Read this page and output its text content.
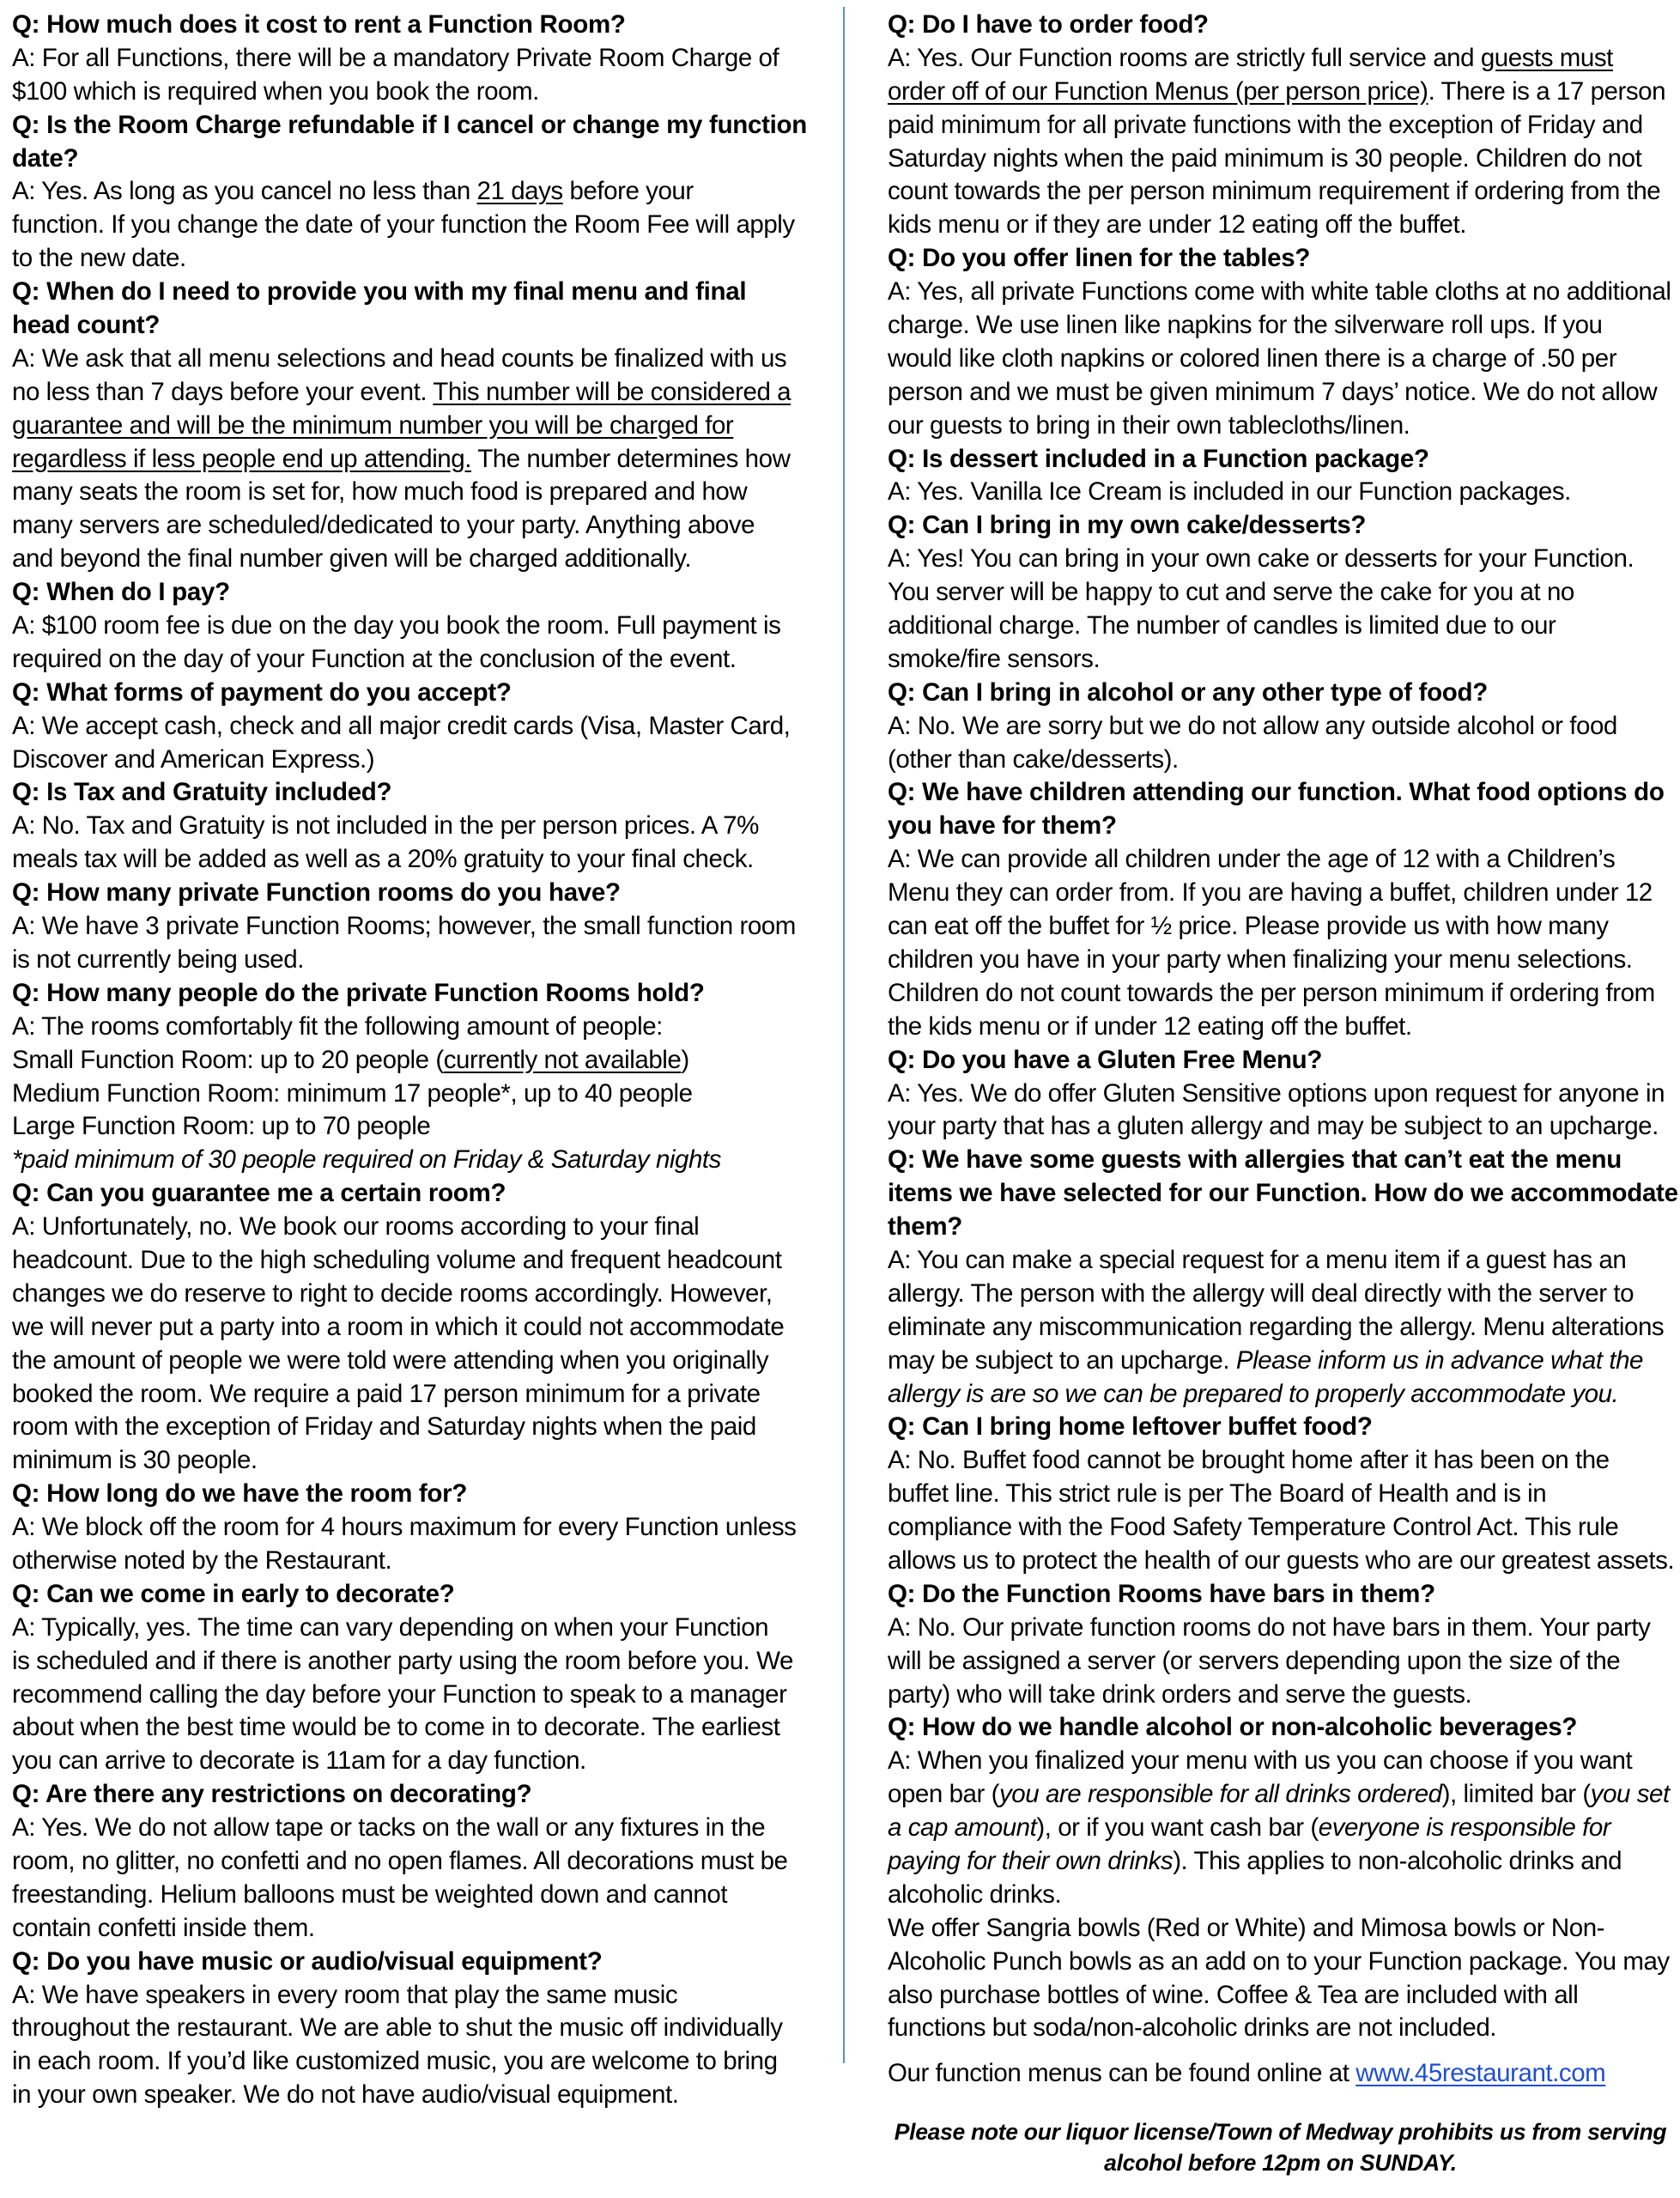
Q: How much does it cost to rent a Function Room?
A: For all Functions, there will be a mandatory Private Room Charge of
$100 which is required when you book the room.
Q: Is the Room Charge refundable if I cancel or change my function
date?
A: Yes. As long as you cancel no less than 21 days before your
function. If you change the date of your function the Room Fee will apply
to the new date.
Q: When do I need to provide you with my final menu and final
head count?
A: We ask that all menu selections and head counts be finalized with us
no less than 7 days before your event. This number will be considered a
guarantee and will be the minimum number you will be charged for
regardless if less people end up attending. The number determines how
many seats the room is set for, how much food is prepared and how
many servers are scheduled/dedicated to your party. Anything above
and beyond the final number given will be charged additionally.
Q: When do I pay?
A: $100 room fee is due on the day you book the room. Full payment is
required on the day of your Function at the conclusion of the event.
Q: What forms of payment do you accept?
A: We accept cash, check and all major credit cards (Visa, Master Card,
Discover and American Express.)
Q: Is Tax and Gratuity included?
A: No. Tax and Gratuity is not included in the per person prices. A 7%
meals tax will be added as well as a 20% gratuity to your final check.
Q: How many private Function rooms do you have?
A: We have 3 private Function Rooms; however, the small function room
is not currently being used.
Q: How many people do the private Function Rooms hold?
A: The rooms comfortably fit the following amount of people:
Small Function Room: up to 20 people (currently not available)
Medium Function Room: minimum 17 people*, up to 40 people
Large Function Room: up to 70 people
*paid minimum of 30 people required on Friday & Saturday nights
Q: Can you guarantee me a certain room?
A: Unfortunately, no. We book our rooms according to your final
headcount. Due to the high scheduling volume and frequent headcount
changes we do reserve to right to decide rooms accordingly. However,
we will never put a party into a room in which it could not accommodate
the amount of people we were told were attending when you originally
booked the room. We require a paid 17 person minimum for a private
room with the exception of Friday and Saturday nights when the paid
minimum is 30 people.
Q: How long do we have the room for?
A: We block off the room for 4 hours maximum for every Function unless
otherwise noted by the Restaurant.
Q: Can we come in early to decorate?
A: Typically, yes. The time can vary depending on when your Function
is scheduled and if there is another party using the room before you. We
recommend calling the day before your Function to speak to a manager
about when the best time would be to come in to decorate. The earliest
you can arrive to decorate is 11am for a day function.
Q: Are there any restrictions on decorating?
A: Yes. We do not allow tape or tacks on the wall or any fixtures in the
room, no glitter, no confetti and no open flames. All decorations must be
freestanding. Helium balloons must be weighted down and cannot
contain confetti inside them.
Q: Do you have music or audio/visual equipment?
A: We have speakers in every room that play the same music
throughout the restaurant. We are able to shut the music off individually
in each room. If you’d like customized music, you are welcome to bring
in your own speaker. We do not have audio/visual equipment.
Q: Do I have to order food?
A: Yes. Our Function rooms are strictly full service and guests must
order off of our Function Menus (per person price). There is a 17 person
paid minimum for all private functions with the exception of Friday and
Saturday nights when the paid minimum is 30 people. Children do not
count towards the per person minimum requirement if ordering from the
kids menu or if they are under 12 eating off the buffet.
Q: Do you offer linen for the tables?
A: Yes, all private Functions come with white table cloths at no additional
charge. We use linen like napkins for the silverware roll ups. If you
would like cloth napkins or colored linen there is a charge of .50 per
person and we must be given minimum 7 days’ notice. We do not allow
our guests to bring in their own tablecloths/linen.
Q: Is dessert included in a Function package?
A: Yes. Vanilla Ice Cream is included in our Function packages.
Q: Can I bring in my own cake/desserts?
A: Yes! You can bring in your own cake or desserts for your Function.
You server will be happy to cut and serve the cake for you at no
additional charge. The number of candles is limited due to our
smoke/fire sensors.
Q: Can I bring in alcohol or any other type of food?
A: No. We are sorry but we do not allow any outside alcohol or food
(other than cake/desserts).
Q: We have children attending our function. What food options do
you have for them?
A: We can provide all children under the age of 12 with a Children’s
Menu they can order from. If you are having a buffet, children under 12
can eat off the buffet for ½ price. Please provide us with how many
children you have in your party when finalizing your menu selections.
Children do not count towards the per person minimum if ordering from
the kids menu or if under 12 eating off the buffet.
Q: Do you have a Gluten Free Menu?
A: Yes. We do offer Gluten Sensitive options upon request for anyone in
your party that has a gluten allergy and may be subject to an upcharge.
Q: We have some guests with allergies that can’t eat the menu
items we have selected for our Function. How do we accommodate
them?
A: You can make a special request for a menu item if a guest has an
allergy. The person with the allergy will deal directly with the server to
eliminate any miscommunication regarding the allergy. Menu alterations
may be subject to an upcharge. Please inform us in advance what the
allergy is are so we can be prepared to properly accommodate you.
Q: Can I bring home leftover buffet food?
A: No. Buffet food cannot be brought home after it has been on the
buffet line. This strict rule is per The Board of Health and is in
compliance with the Food Safety Temperature Control Act. This rule
allows us to protect the health of our guests who are our greatest assets.
Q: Do the Function Rooms have bars in them?
A: No. Our private function rooms do not have bars in them. Your party
will be assigned a server (or servers depending upon the size of the
party) who will take drink orders and serve the guests.
Q: How do we handle alcohol or non-alcoholic beverages?
A: When you finalized your menu with us you can choose if you want
open bar (you are responsible for all drinks ordered), limited bar (you set
a cap amount), or if you want cash bar (everyone is responsible for
paying for their own drinks). This applies to non-alcoholic drinks and
alcoholic drinks.
We offer Sangria bowls (Red or White) and Mimosa bowls or Non-
Alcoholic Punch bowls as an add on to your Function package. You may
also purchase bottles of wine. Coffee & Tea are included with all
functions but soda/non-alcoholic drinks are not included.
Our function menus can be found online at www.45restaurant.com
Please note our liquor license/Town of Medway prohibits us from serving
alcohol before 12pm on SUNDAY.
